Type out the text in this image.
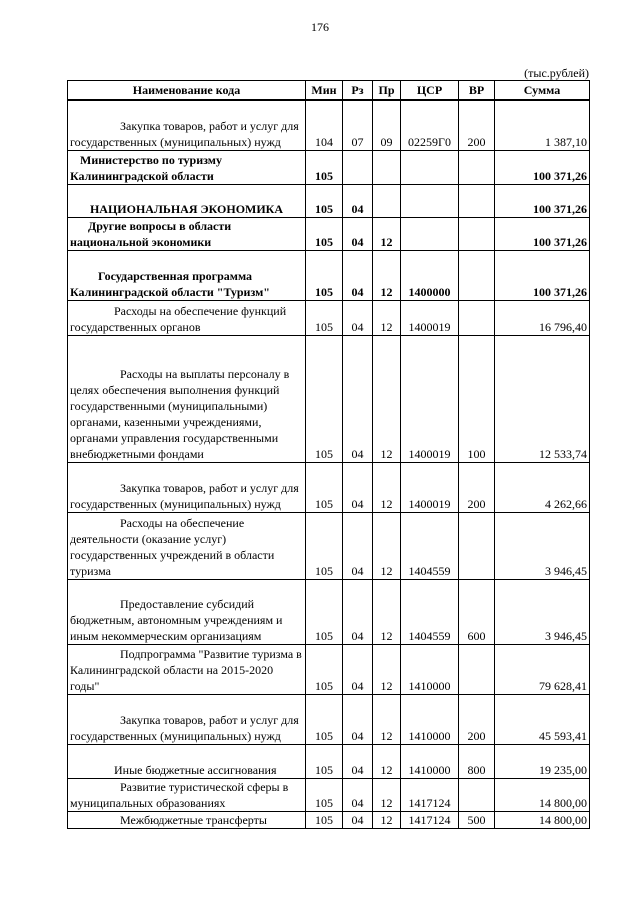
176
(тыс.рублей)
Наименование кода	Мин	Рз	Пр	ЦСР	ВР	Сумма

Закупка товаров, работ и услуг для государственных (муниципальных) нужд	104	07	09	02259Г0	200	1 387,10

Министерство по туризму Калининградской области	105					100 371,26

НАЦИОНАЛЬНАЯ ЭКОНОМИКА	105	04				100 371,26

Другие вопросы в области национальной экономики	105	04	12			100 371,26

Государственная программа Калининградской области "Туризм"	105	04	12	1400000		100 371,26

Расходы на обеспечение функций государственных органов	105	04	12	1400019		16 796,40

Расходы на выплаты персоналу в целях обеспечения выполнения функций государственными (муниципальными) органами, казенными учреждениями, органами управления государственными внебюджетными фондами	105	04	12	1400019	100	12 533,74

Закупка товаров, работ и услуг для государственных (муниципальных) нужд	105	04	12	1400019	200	4 262,66

Расходы на обеспечение деятельности (оказание услуг) государственных учреждений в области туризма	105	04	12	1404559		3 946,45

Предоставление субсидий бюджетным, автономным учреждениям и иным некоммерческим организациям	105	04	12	1404559	600	3 946,45

Подпрограмма "Развитие туризма в Калининградской области на 2015-2020 годы"	105	04	12	1410000		79 628,41

Закупка товаров, работ и услуг для государственных (муниципальных) нужд	105	04	12	1410000	200	45 593,41

Иные бюджетные ассигнования	105	04	12	1410000	800	19 235,00

Развитие туристической сферы в муниципальных образованиях	105	04	12	1417124		14 800,00

Межбюджетные трансферты	105	04	12	1417124	500	14 800,00
